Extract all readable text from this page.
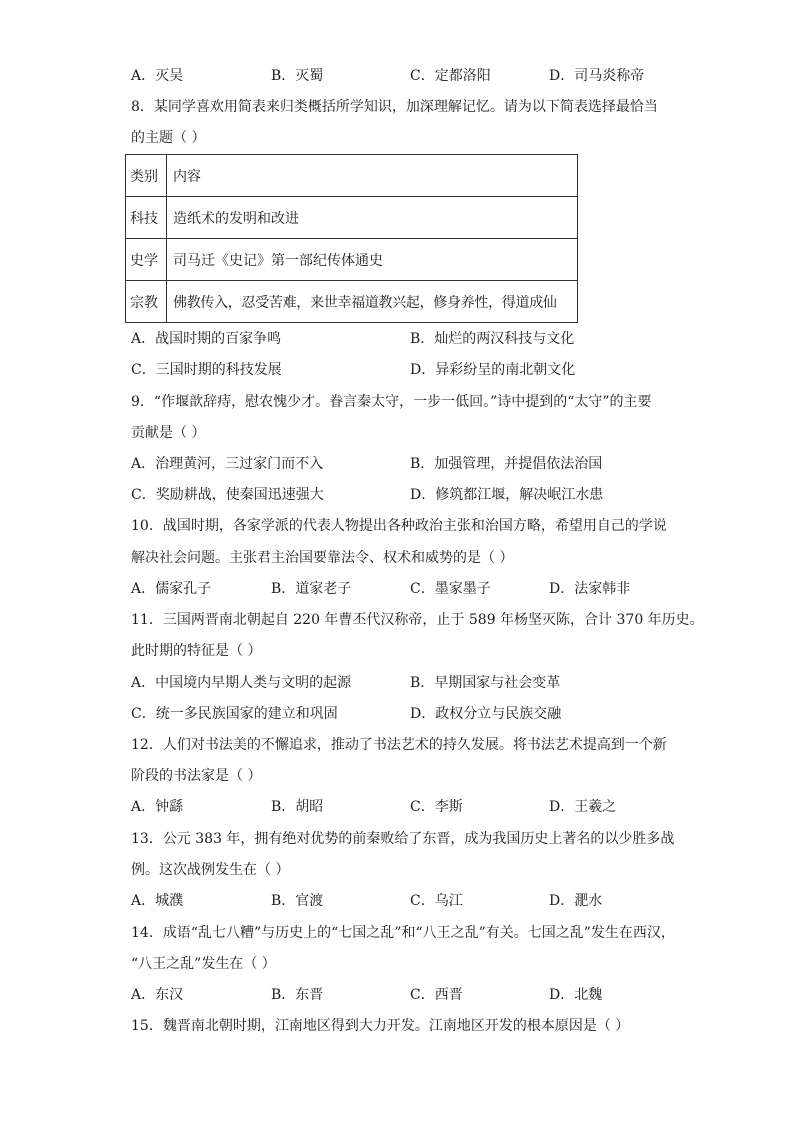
A．灭吴	B．灭蜀	C．定都洛阳	D．司马炎称帝
8．某同学喜欢用简表来归类概括所学知识，加深理解记忆。请为以下简表选择最恰当
的主题（ ）
类别	内容
科技	造纸术的发明和改进
史学	司马迁《史记》第一部纪传体通史
宗教	佛教传入，忍受苦难，来世幸福道教兴起，修身养性，得道成仙
A．战国时期的百家争鸣	B．灿烂的两汉科技与文化
C．三国时期的科技发展	D．异彩纷呈的南北朝文化
9．“作堰歆辞痔，慰农愧少才。眷言秦太守，一步一低回。”诗中提到的“太守”的主要
贡献是（ ）
A．治理黄河，三过家门而不入	B．加强管理，并提倡依法治国
C．奖励耕战，使秦国迅速强大	D．修筑都江堰，解决岷江水患
10．战国时期，各家学派的代表人物提出各种政治主张和治国方略，希望用自己的学说
解决社会问题。主张君主治国要靠法令、权术和威势的是（ ）
A．儒家孔子	B．道家老子	C．墨家墨子	D．法家韩非
11．三国两晋南北朝起自 220 年曹丕代汉称帝，止于 589 年杨坚灭陈，合计 370 年历史。
此时期的特征是（ ）
A．中国境内早期人类与文明的起源	B．早期国家与社会变革
C．统一多民族国家的建立和巩固	D．政权分立与民族交融
12．人们对书法美的不懈追求，推动了书法艺术的持久发展。将书法艺术提高到一个新
阶段的书法家是（ ）
A．钟繇	B．胡昭	C．李斯	D．王羲之
13．公元 383 年，拥有绝对优势的前秦败给了东晋，成为我国历史上著名的以少胜多战
例。这次战例发生在（ ）
A．城濮	B．官渡	C．乌江	D．淝水
14．成语“乱七八糟”与历史上的“七国之乱”和“八王之乱”有关。七国之乱”发生在西汉，
“八王之乱”发生在（ ）
A．东汉	B．东晋	C．西晋	D．北魏
15．魏晋南北朝时期，江南地区得到大力开发。江南地区开发的根本原因是（ ）
